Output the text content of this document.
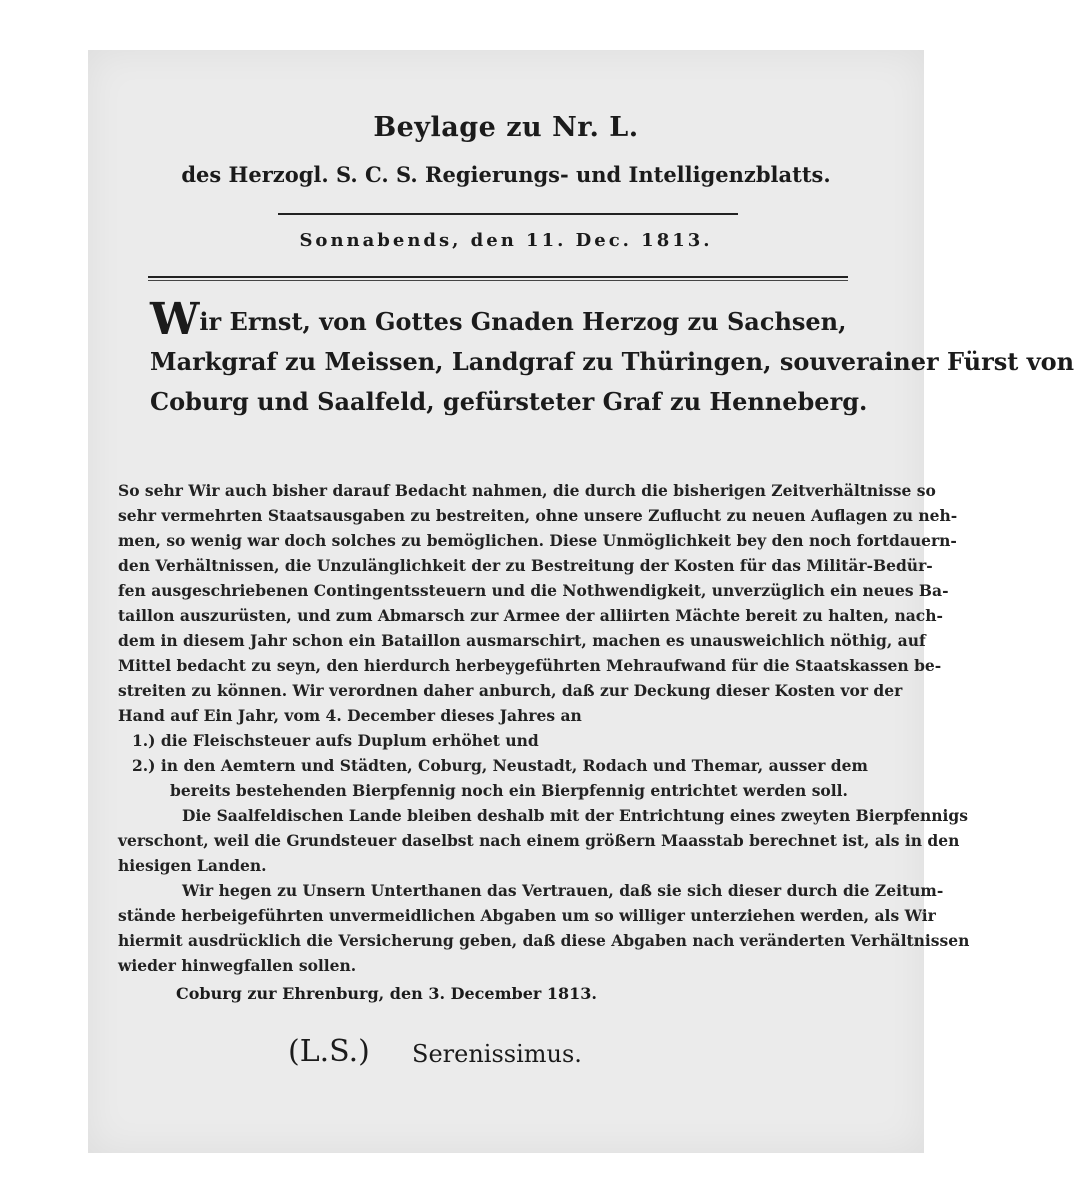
Beylage zu Nr. L.
des Herzogl. S. C. S. Regierungs- und Intelligenzblatts.
Sonnabends, den 11. Dec. 1813.
Wir Ernst, von Gottes Gnaden Herzog zu Sachsen,
Markgraf zu Meissen, Landgraf zu Thüringen, souverainer Fürst von
Coburg und Saalfeld, gefürsteter Graf zu Henneberg.
So sehr Wir auch bisher darauf Bedacht nahmen, die durch die bisherigen Zeitverhältnisse so
sehr vermehrten Staatsausgaben zu bestreiten, ohne unsere Zuflucht zu neuen Auflagen zu neh-
men, so wenig war doch solches zu bemöglichen. Diese Unmöglichkeit bey den noch fortdauern-
den Verhältnissen, die Unzulänglichkeit der zu Bestreitung der Kosten für das Militär-Bedür-
fen ausgeschriebenen Contingentssteuern und die Nothwendigkeit, unverzüglich ein neues Ba-
taillon auszurüsten, und zum Abmarsch zur Armee der alliirten Mächte bereit zu halten, nach-
dem in diesem Jahr schon ein Bataillon ausmarschirt, machen es unausweichlich nöthig, auf
Mittel bedacht zu seyn, den hierdurch herbeygeführten Mehraufwand für die Staatskassen be-
streiten zu können. Wir verordnen daher anburch, daß zur Deckung dieser Kosten vor der
Hand auf Ein Jahr, vom 4. December dieses Jahres an
1.) die Fleischsteuer aufs Duplum erhöhet und
2.) in den Aemtern und Städten, Coburg, Neustadt, Rodach und Themar, ausser dem
bereits bestehenden Bierpfennig noch ein Bierpfennig entrichtet werden soll.
Die Saalfeldischen Lande bleiben deshalb mit der Entrichtung eines zweyten Bierpfennigs
verschont, weil die Grundsteuer daselbst nach einem größern Maasstab berechnet ist, als in den
hiesigen Landen.
Wir hegen zu Unsern Unterthanen das Vertrauen, daß sie sich dieser durch die Zeitum-
stände herbeigeführten unvermeidlichen Abgaben um so williger unterziehen werden, als Wir
hiermit ausdrücklich die Versicherung geben, daß diese Abgaben nach veränderten Verhältnissen
wieder hinwegfallen sollen.
Coburg zur Ehrenburg, den 3. December 1813.
(L.S.) Serenissimus.
